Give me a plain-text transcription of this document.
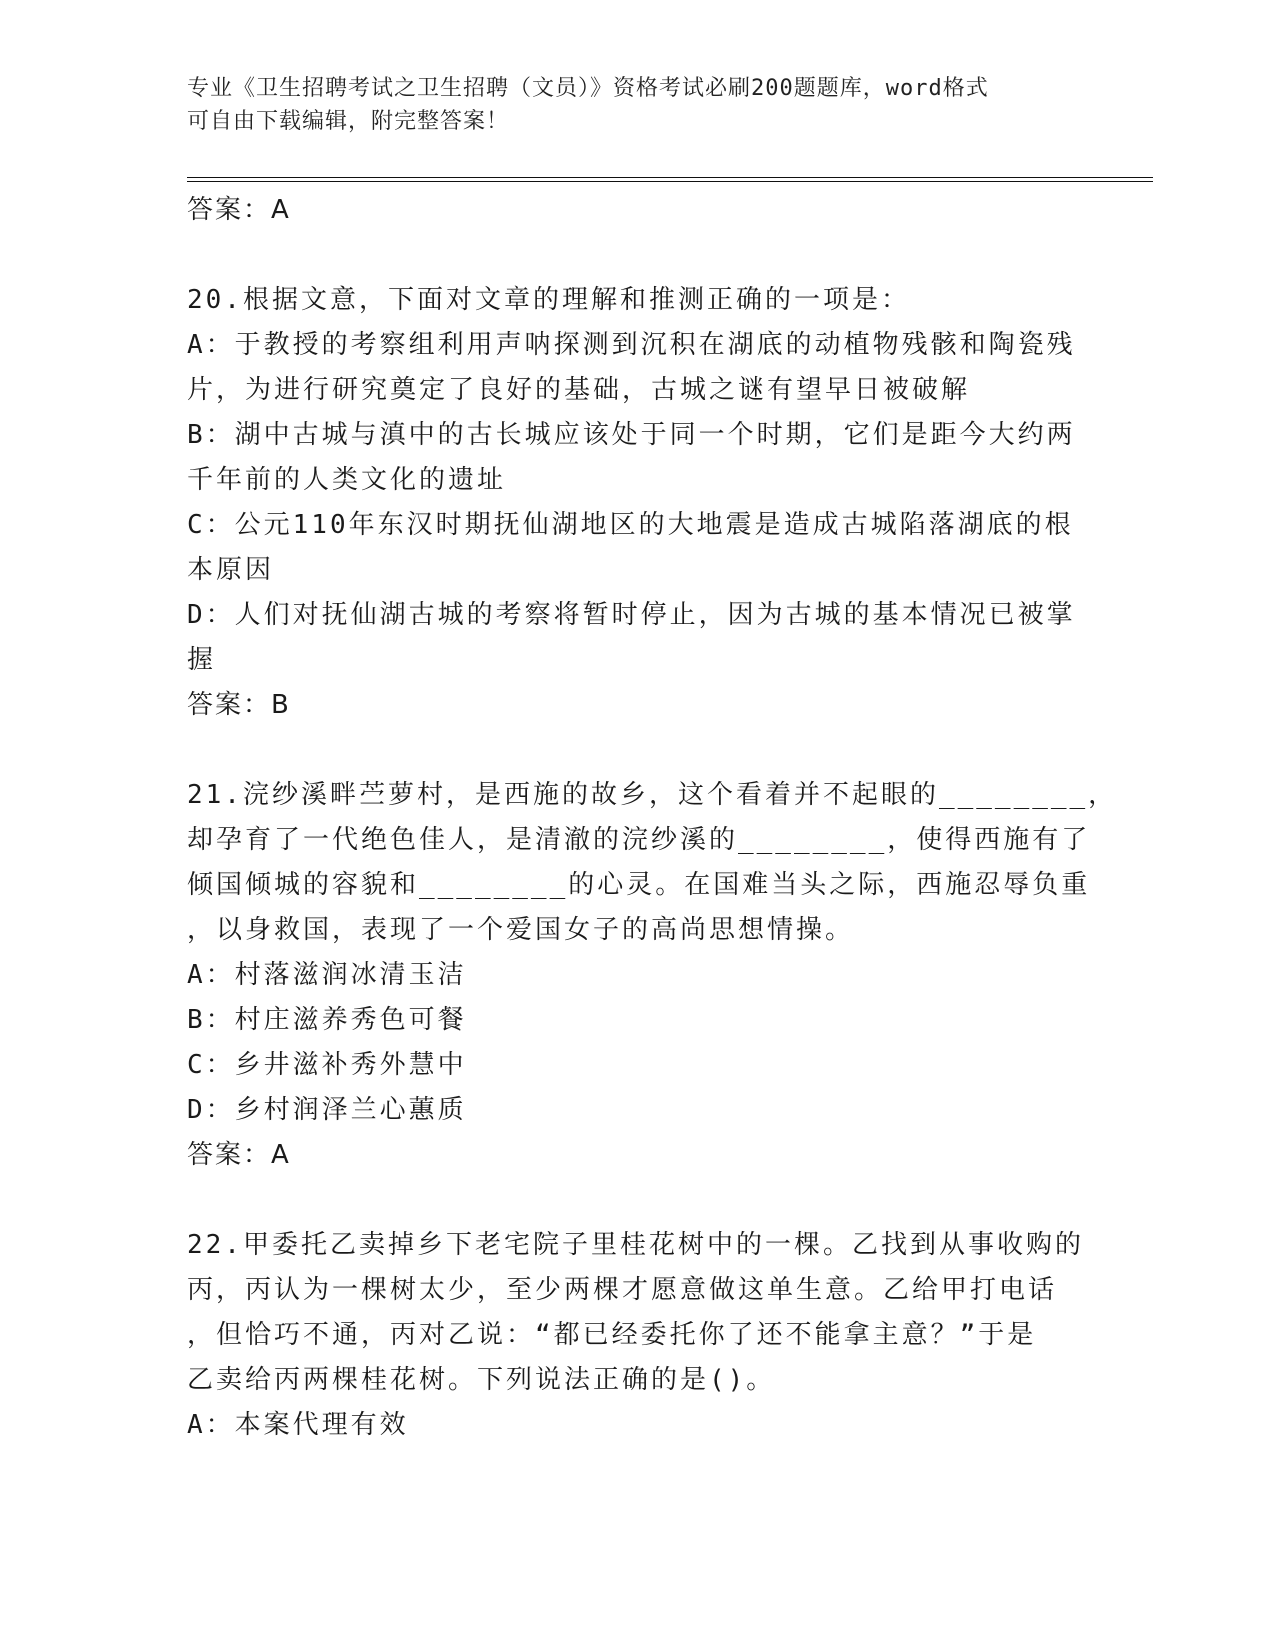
专业《卫生招聘考试之卫生招聘（文员）》资格考试必刷200题题库，word格式
可自由下载编辑，附完整答案！
答案：A
20.根据文意，下面对文章的理解和推测正确的一项是：
A：于教授的考察组利用声呐探测到沉积在湖底的动植物残骸和陶瓷残
片，为进行研究奠定了良好的基础，古城之谜有望早日被破解
B：湖中古城与滇中的古长城应该处于同一个时期，它们是距今大约两
千年前的人类文化的遗址
C：公元110年东汉时期抚仙湖地区的大地震是造成古城陷落湖底的根
本原因
D：人们对抚仙湖古城的考察将暂时停止，因为古城的基本情况已被掌
握
答案：B
21.浣纱溪畔苎萝村，是西施的故乡，这个看着并不起眼的________，
却孕育了一代绝色佳人，是清澈的浣纱溪的________，使得西施有了
倾国倾城的容貌和________的心灵。在国难当头之际，西施忍辱负重
，以身救国，表现了一个爱国女子的高尚思想情操。
A：村落滋润冰清玉洁
B：村庄滋养秀色可餐
C：乡井滋补秀外慧中
D：乡村润泽兰心蕙质
答案：A
22.甲委托乙卖掉乡下老宅院子里桂花树中的一棵。乙找到从事收购的
丙，丙认为一棵树太少，至少两棵才愿意做这单生意。乙给甲打电话
，但恰巧不通，丙对乙说：“都已经委托你了还不能拿主意？”于是
乙卖给丙两棵桂花树。下列说法正确的是()。
A：本案代理有效
